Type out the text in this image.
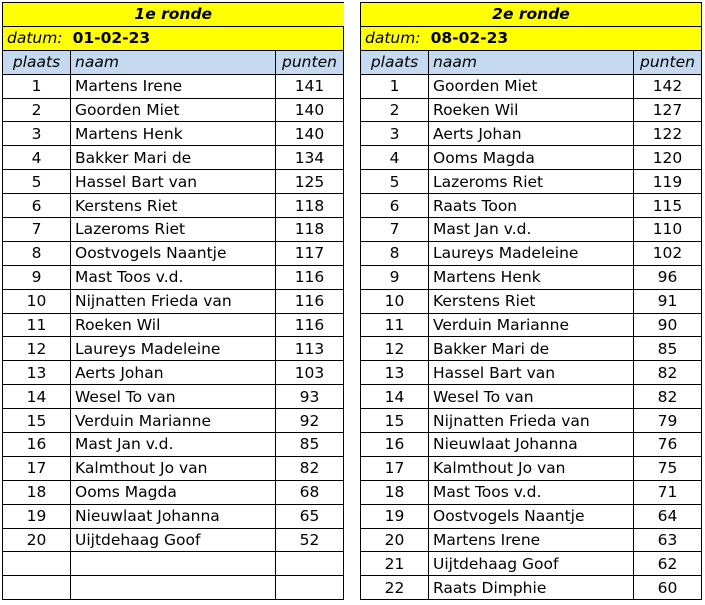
1e ronde		
datum: 01-02-23		
plaats	naam	punten
1	Martens Irene	141
2	Goorden Miet	140
3	Martens Henk	140
4	Bakker Mari de	134
5	Hassel Bart van	125
6	Kerstens Riet	118
7	Lazeroms Riet	118
8	Oostvogels Naantje	117
9	Mast Toos v.d.	116
10	Nijnatten Frieda van	116
11	Roeken Wil	116
12	Laureys Madeleine	113
13	Aerts Johan	103
14	Wesel To van	93
15	Verduin Marianne	92
16	Mast Jan v.d.	85
17	Kalmthout Jo van	82
18	Ooms Magda	68
19	Nieuwlaat Johanna	65
20	Uijtdehaag Goof	52

2e ronde		
datum: 08-02-23		
plaats	naam	punten
1	Goorden Miet	142
2	Roeken Wil	127
3	Aerts Johan	122
4	Ooms Magda	120
5	Lazeroms Riet	119
6	Raats Toon	115
7	Mast Jan v.d.	110
8	Laureys Madeleine	102
9	Martens Henk	96
10	Kerstens Riet	91
11	Verduin Marianne	90
12	Bakker Mari de	85
13	Hassel Bart van	82
14	Wesel To van	82
15	Nijnatten Frieda van	79
16	Nieuwlaat Johanna	76
17	Kalmthout Jo van	75
18	Mast Toos v.d.	71
19	Oostvogels Naantje	64
20	Martens Irene	63
21	Uijtdehaag Goof	62
22	Raats Dimphie	60
